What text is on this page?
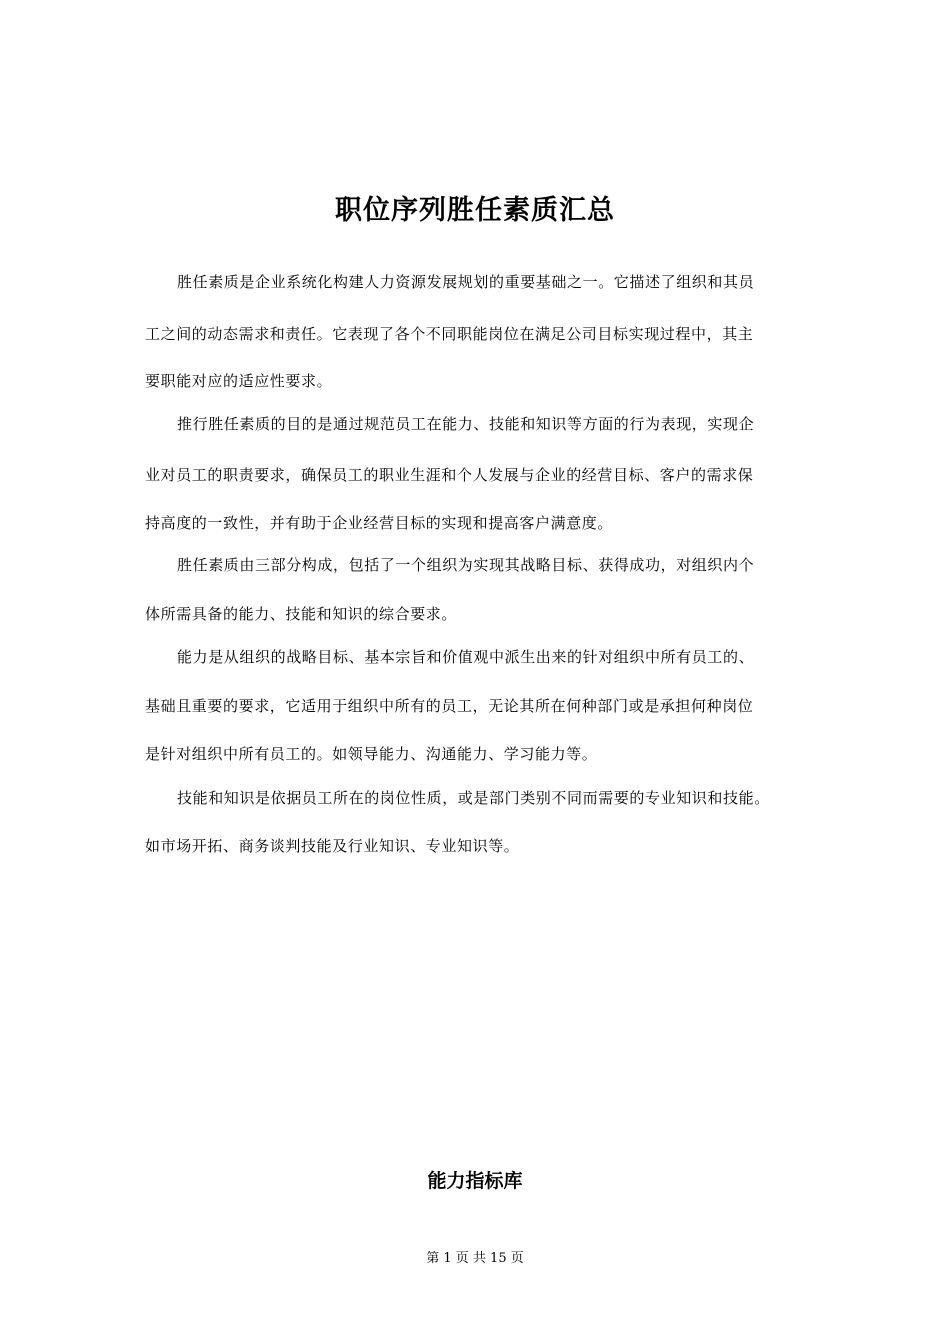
职位序列胜任素质汇总
胜任素质是企业系统化构建人力资源发展规划的重要基础之一。它描述了组织和其员
工之间的动态需求和责任。它表现了各个不同职能岗位在满足公司目标实现过程中，其主
要职能对应的适应性要求。
推行胜任素质的目的是通过规范员工在能力、技能和知识等方面的行为表现，实现企
业对员工的职责要求，确保员工的职业生涯和个人发展与企业的经营目标、客户的需求保
持高度的一致性，并有助于企业经营目标的实现和提高客户满意度。
胜任素质由三部分构成，包括了一个组织为实现其战略目标、获得成功，对组织内个
体所需具备的能力、技能和知识的综合要求。
能力是从组织的战略目标、基本宗旨和价值观中派生出来的针对组织中所有员工的、
基础且重要的要求，它适用于组织中所有的员工，无论其所在何种部门或是承担何种岗位
是针对组织中所有员工的。如领导能力、沟通能力、学习能力等。
技能和知识是依据员工所在的岗位性质，或是部门类别不同而需要的专业知识和技能。
如市场开拓、商务谈判技能及行业知识、专业知识等。
能力指标库
第 1 页 共 15 页
